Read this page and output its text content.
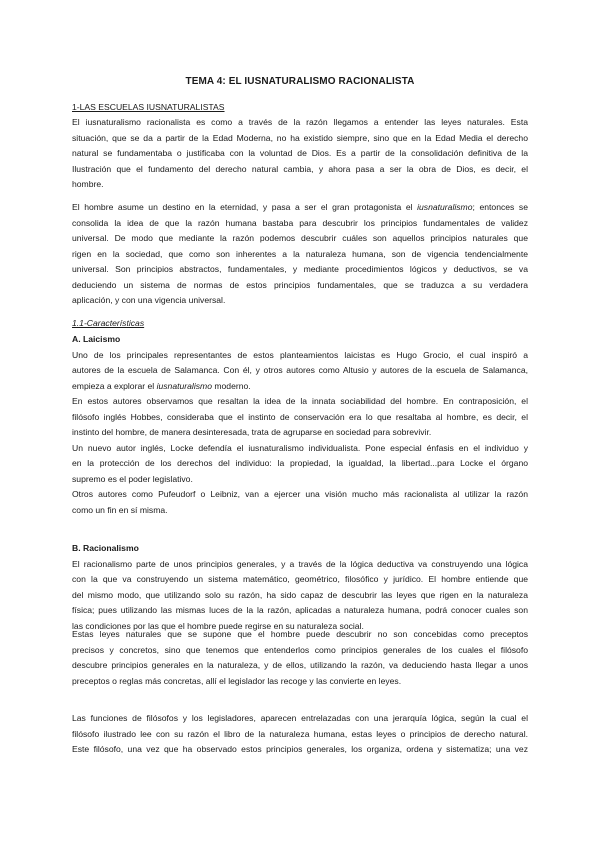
TEMA 4: EL IUSNATURALISMO RACIONALISTA
1-LAS ESCUELAS IUSNATURALISTAS
El iusnaturalismo racionalista es como a través de la razón llegamos a entender las leyes naturales. Esta
situación, que se da a partir de la Edad Moderna, no ha existido siempre, sino que en la Edad Media el derecho
natural se fundamentaba o justificaba con la voluntad de Dios. Es a partir de la consolidación definitiva de la
Ilustración que el fundamento del derecho natural cambia, y ahora pasa a ser la obra de Dios, es decir, el
hombre.
El hombre asume un destino en la eternidad, y pasa a ser el gran protagonista el iusnaturalismo; entonces se
consolida la idea de que la razón humana bastaba para descubrir los principios fundamentales de validez
universal. De modo que mediante la razón podemos descubrir cuáles son aquellos principios naturales que
rigen en la sociedad, que como son inherentes a la naturaleza humana, son de vigencia tendencialmente
universal. Son principios abstractos, fundamentales, y mediante procedimientos lógicos y deductivos, se va
deduciendo un sistema de normas de estos principios fundamentales, que se traduzca a su verdadera
aplicación, y con una vigencia universal.
1.1-Características
A. Laicismo
Uno de los principales representantes de estos planteamientos laicistas es Hugo Grocio, el cual inspiró a
autores de la escuela de Salamanca. Con él, y otros autores como Altusio y autores de la escuela de Salamanca,
empieza a explorar el iusnaturalismo moderno.
En estos autores observamos que resaltan la idea de la innata sociabilidad del hombre. En contraposición, el
filósofo inglés Hobbes, consideraba que el instinto de conservación era lo que resaltaba al hombre, es decir, el
instinto del hombre, de manera desinteresada, trata de agruparse en sociedad para sobrevivir.
Un nuevo autor inglés, Locke defendía el iusnaturalismo individualista. Pone especial énfasis en el individuo y
en la protección de los derechos del individuo: la propiedad, la igualdad, la libertad...para Locke el órgano
supremo es el poder legislativo.
Otros autores como Pufeudorf o Leibniz, van a ejercer una visión mucho más racionalista al utilizar la razón
como un fin en sí misma.
B. Racionalismo
El racionalismo parte de unos principios generales, y a través de la lógica deductiva va construyendo una lógica
con la que va construyendo un sistema matemático, geométrico, filosófico y jurídico. El hombre entiende que
del mismo modo, que utilizando solo su razón, ha sido capaz de descubrir las leyes que rigen en la naturaleza
física; pues utilizando las mismas luces de la la razón, aplicadas a naturaleza humana, podrá conocer cuales son
las condiciones por las que el hombre puede regirse en su naturaleza social.
Estas leyes naturales que se supone que el hombre puede descubrir no son concebidas como preceptos
precisos y concretos, sino que tenemos que entenderlos como principios generales de los cuales el filósofo
descubre principios generales en la naturaleza, y de ellos, utilizando la razón, va deduciendo hasta llegar a unos
preceptos o reglas más concretas, allí el legislador las recoge y las convierte en leyes.
Las funciones de filósofos y los legisladores, aparecen entrelazadas con una jerarquía lógica, según la cual el
filósofo ilustrado lee con su razón el libro de la naturaleza humana, estas leyes o principios de derecho natural.
Este filósofo, una vez que ha observado estos principios generales, los organiza, ordena y sistematiza; una vez
